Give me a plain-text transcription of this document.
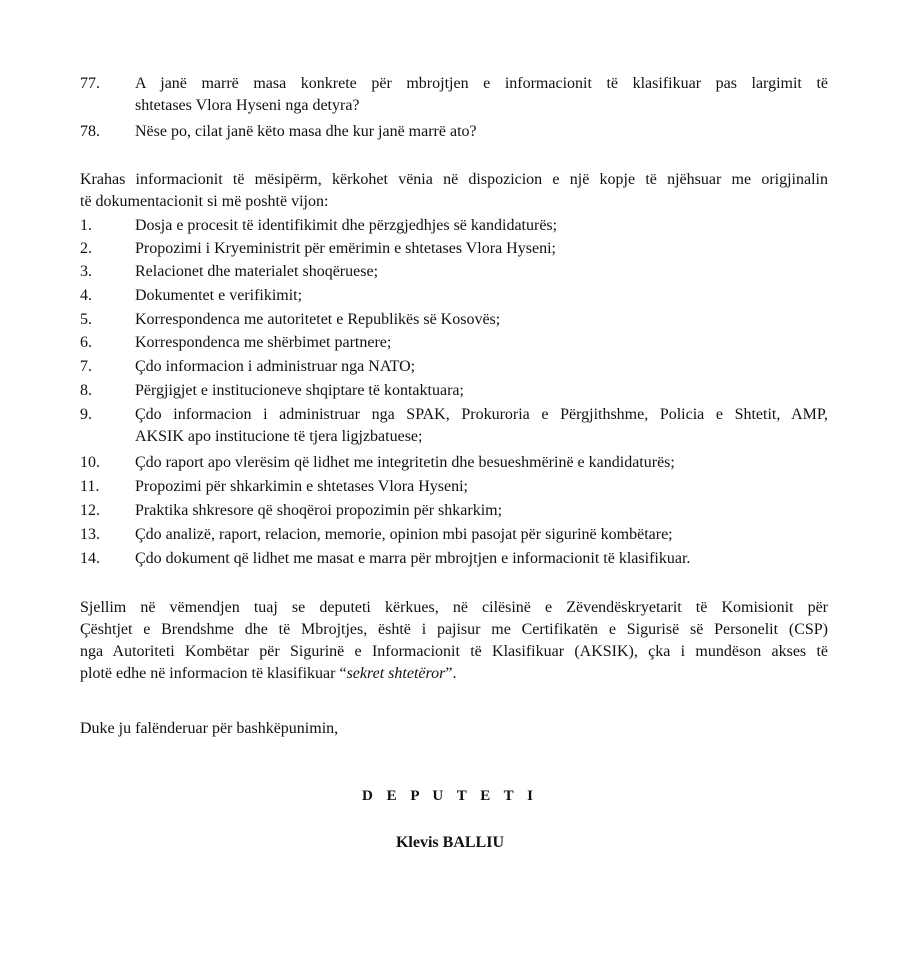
77.	A janë marrë masa konkrete për mbrojtjen e informacionit të klasifikuar pas largimit të
shtetases Vlora Hyseni nga detyra?
78.	Nëse po, cilat janë këto masa dhe kur janë marrë ato?
Krahas informacionit të mësipërm, kërkohet vënia në dispozicion e një kopje të njëhsuar me origjinalin
të dokumentacionit si më poshtë vijon:
1.	Dosja e procesit të identifikimit dhe përzgjedhjes së kandidaturës;
2.	Propozimi i Kryeministrit për emërimin e shtetases Vlora Hyseni;
3.	Relacionet dhe materialet shoqëruese;
4.	Dokumentet e verifikimit;
5.	Korrespondenca me autoritetet e Republikës së Kosovës;
6.	Korrespondenca me shërbimet partnere;
7.	Çdo informacion i administruar nga NATO;
8.	Përgjigjet e institucioneve shqiptare të kontaktuara;
9.	Çdo informacion i administruar nga SPAK, Prokuroria e Përgjithshme, Policia e Shtetit, AMP,
AKSIK apo institucione të tjera ligjzbatuese;
10.	Çdo raport apo vlerësim që lidhet me integritetin dhe besueshmërinë e kandidaturës;
11.	Propozimi për shkarkimin e shtetases Vlora Hyseni;
12.	Praktika shkresore që shoqëroi propozimin për shkarkim;
13.	Çdo analizë, raport, relacion, memorie, opinion mbi pasojat për sigurinë kombëtare;
14.	Çdo dokument që lidhet me masat e marra për mbrojtjen e informacionit të klasifikuar.
Sjellim në vëmendjen tuaj se deputeti kërkues, në cilësinë e Zëvendëskryetarit të Komisionit për
Çështjet e Brendshme dhe të Mbrojtjes, është i pajisur me Certifikatën e Sigurisë së Personelit (CSP)
nga Autoriteti Kombëtar për Sigurinë e Informacionit të Klasifikuar (AKSIK), çka i mundëson akses të
plotë edhe në informacion të klasifikuar “sekret shtetëror”.
Duke ju falënderuar për bashkëpunimin,
D E P U T E T I
Klevis BALLIU
